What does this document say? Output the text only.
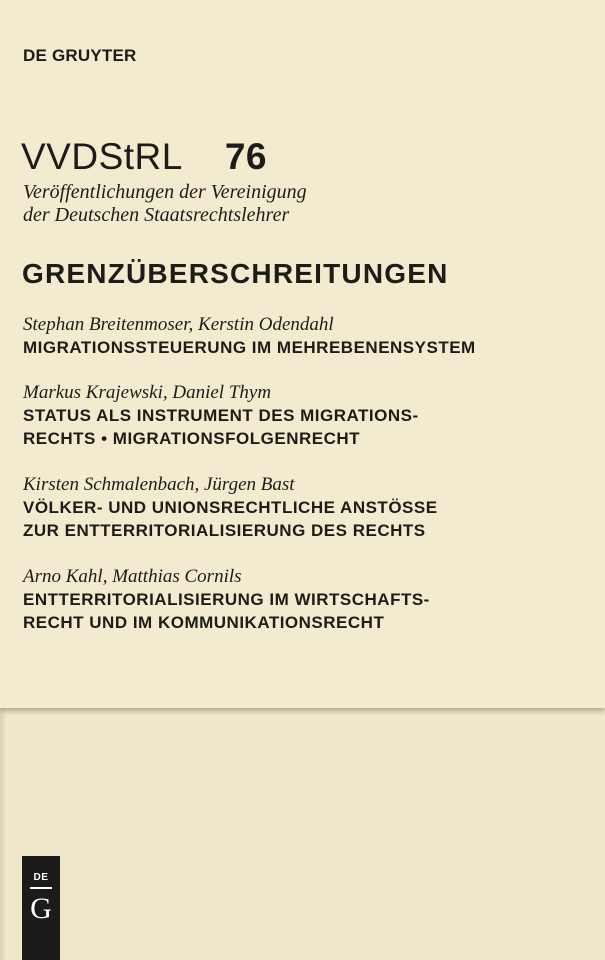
DE GRUYTER
VVDStRL 76
Veröffentlichungen der Vereinigung
der Deutschen Staatsrechtslehrer
GRENZÜBERSCHREITUNGEN
Stephan Breitenmoser, Kerstin Odendahl
MIGRATIONSSTEUERUNG IM MEHREBENENSYSTEM
Markus Krajewski, Daniel Thym
STATUS ALS INSTRUMENT DES MIGRATIONS-
RECHTS • MIGRATIONSFOLGENRECHT
Kirsten Schmalenbach, Jürgen Bast
VÖLKER- UND UNIONSRECHTLICHE ANSTÖSSE
ZUR ENTTERRITORIALISIERUNG DES RECHTS
Arno Kahl, Matthias Cornils
ENTTERRITORIALISIERUNG IM WIRTSCHAFTS-
RECHT UND IM KOMMUNIKATIONSRECHT
DE
G
